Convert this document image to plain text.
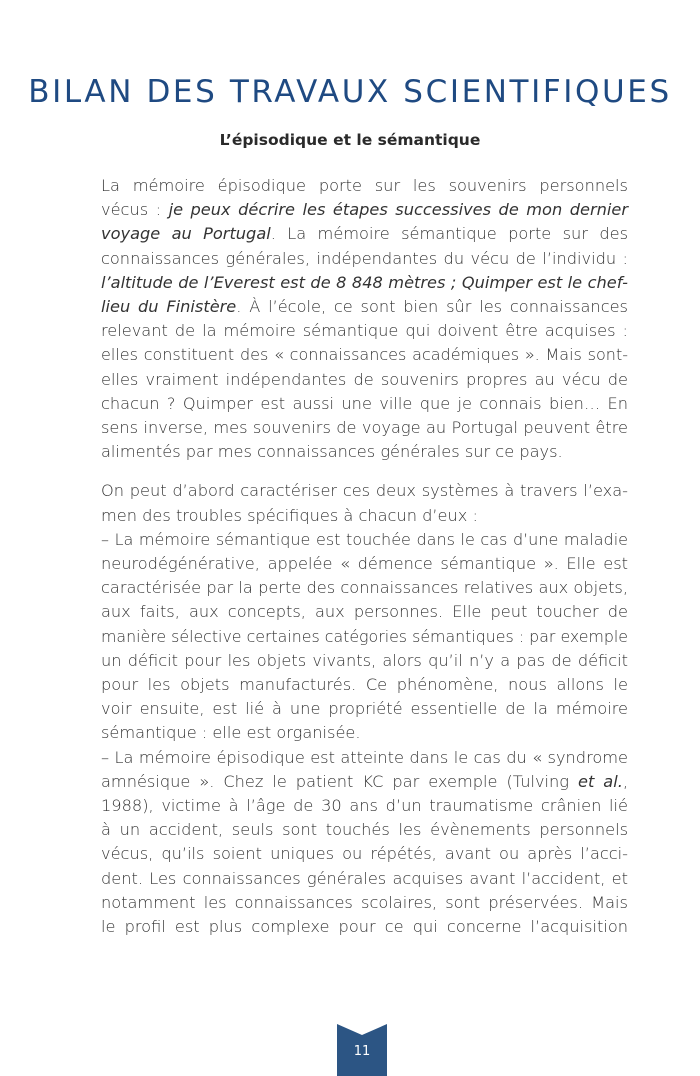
BILAN DES TRAVAUX SCIENTIFIQUES
L’épisodique et le sémantique

La mémoire épisodique porte sur les souvenirs personnels

vécus : je peux décrire les étapes successives de mon dernier

voyage au Portugal. La mémoire sémantique porte sur des

connaissances générales, indépendantes du vécu de l’individu :

l’altitude de l’Everest est de 8 848 mètres ; Quimper est le chef-

lieu du Finistère. À l’école, ce sont bien sûr les connaissances

relevant de la mémoire sémantique qui doivent être acquises :

elles constituent des « connaissances académiques ». Mais sont-

elles vraiment indépendantes de souvenirs propres au vécu de

chacun ? Quimper est aussi une ville que je connais bien… En

sens inverse, mes souvenirs de voyage au Portugal peuvent être

alimentés par mes connaissances générales sur ce pays.

On peut d’abord caractériser ces deux systèmes à travers l’exa-

men des troubles spécifiques à chacun d’eux :

– La mémoire sémantique est touchée dans le cas d’une maladie

neurodégénérative, appelée « démence sémantique ». Elle est

caractérisée par la perte des connaissances relatives aux objets,

aux faits, aux concepts, aux personnes. Elle peut toucher de

manière sélective certaines catégories sémantiques : par exemple

un déficit pour les objets vivants, alors qu’il n’y a pas de déficit

pour les objets manufacturés. Ce phénomène, nous allons le

voir ensuite, est lié à une propriété essentielle de la mémoire

sémantique : elle est organisée.

– La mémoire épisodique est atteinte dans le cas du « syndrome

amnésique ». Chez le patient KC par exemple (Tulving et al.,

1988), victime à l’âge de 30 ans d’un traumatisme crânien lié

à un accident, seuls sont touchés les évènements personnels

vécus, qu’ils soient uniques ou répétés, avant ou après l’acci-

dent. Les connaissances générales acquises avant l’accident, et

notamment les connaissances scolaires, sont préservées. Mais

le profil est plus complexe pour ce qui concerne l’acquisition

11
